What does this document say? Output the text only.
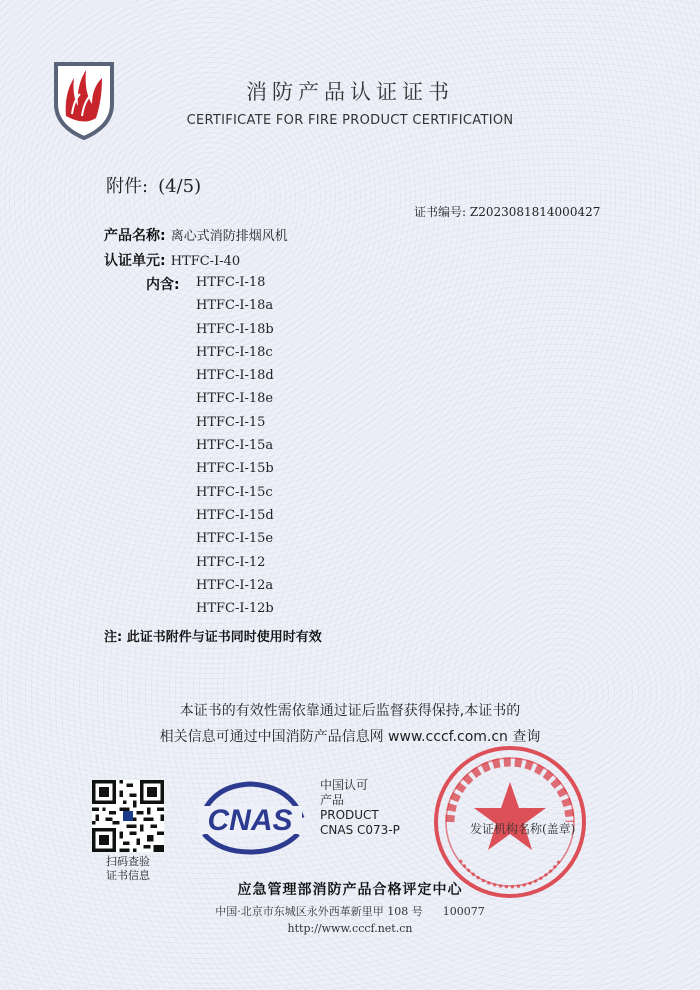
消防产品认证证书
CERTIFICATE FOR FIRE PRODUCT CERTIFICATION
附件: (4/5)
证书编号: Z2023081814000427
产品名称: 离心式消防排烟风机
认证单元: HTFC-I-40
内含: HTFC-I-18
HTFC-I-18a
HTFC-I-18b
HTFC-I-18c
HTFC-I-18d
HTFC-I-18e
HTFC-I-15
HTFC-I-15a
HTFC-I-15b
HTFC-I-15c
HTFC-I-15d
HTFC-I-15e
HTFC-I-12
HTFC-I-12a
HTFC-I-12b
注: 此证书附件与证书同时使用时有效
本证书的有效性需依靠通过证后监督获得保持,本证书的
相关信息可通过中国消防产品信息网 www.cccf.com.cn 查询
扫码查验
证书信息
CNAS
中国认可
产品
PRODUCT
CNAS C073-P	发证机构名称(盖章)
应急管理部消防产品合格评定中心
中国·北京市东城区永外西革新里甲 108 号 100077
http://www.cccf.net.cn
